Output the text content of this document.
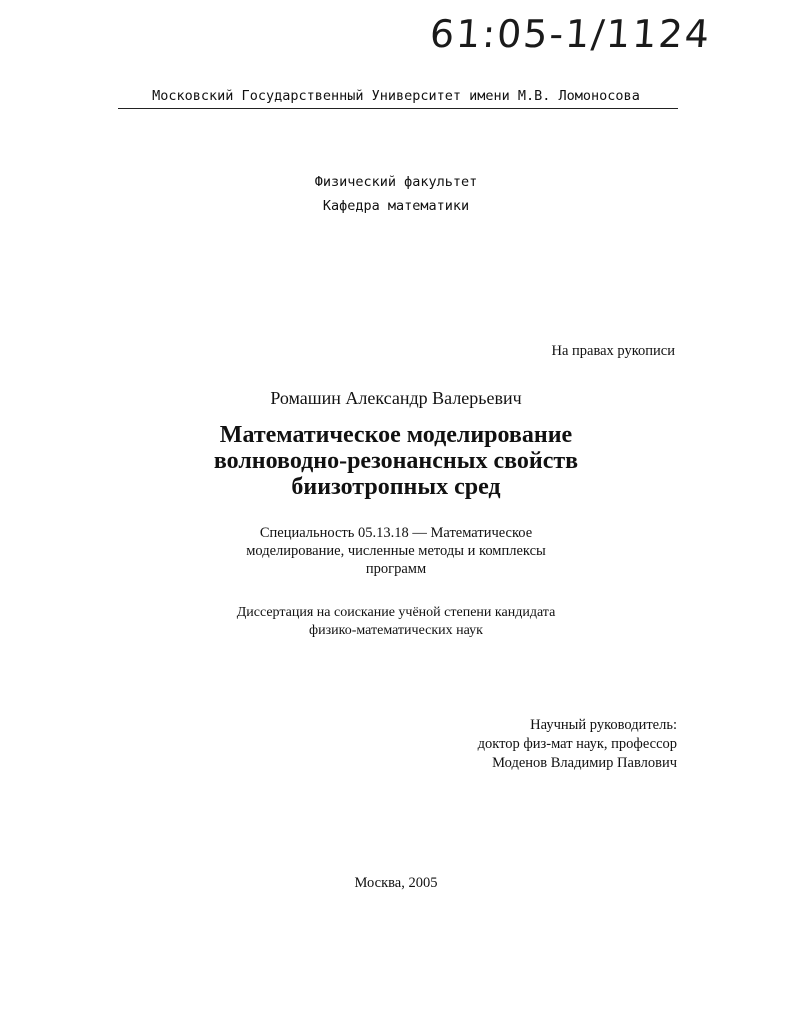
61:05-1/1124
Московский Государственный Университет имени М.В. Ломоносова
Физический факультет
Кафедра математики
На правах рукописи
Ромашин Александр Валерьевич
Математическое моделирование
волноводно-резонансных свойств
биизотропных сред
Специальность 05.13.18 — Математическое
моделирование, численные методы и комплексы
программ
Диссертация на соискание учёной степени кандидата
физико-математических наук
Научный руководитель:
доктор физ-мат наук, профессор
Моденов Владимир Павлович
Москва, 2005
